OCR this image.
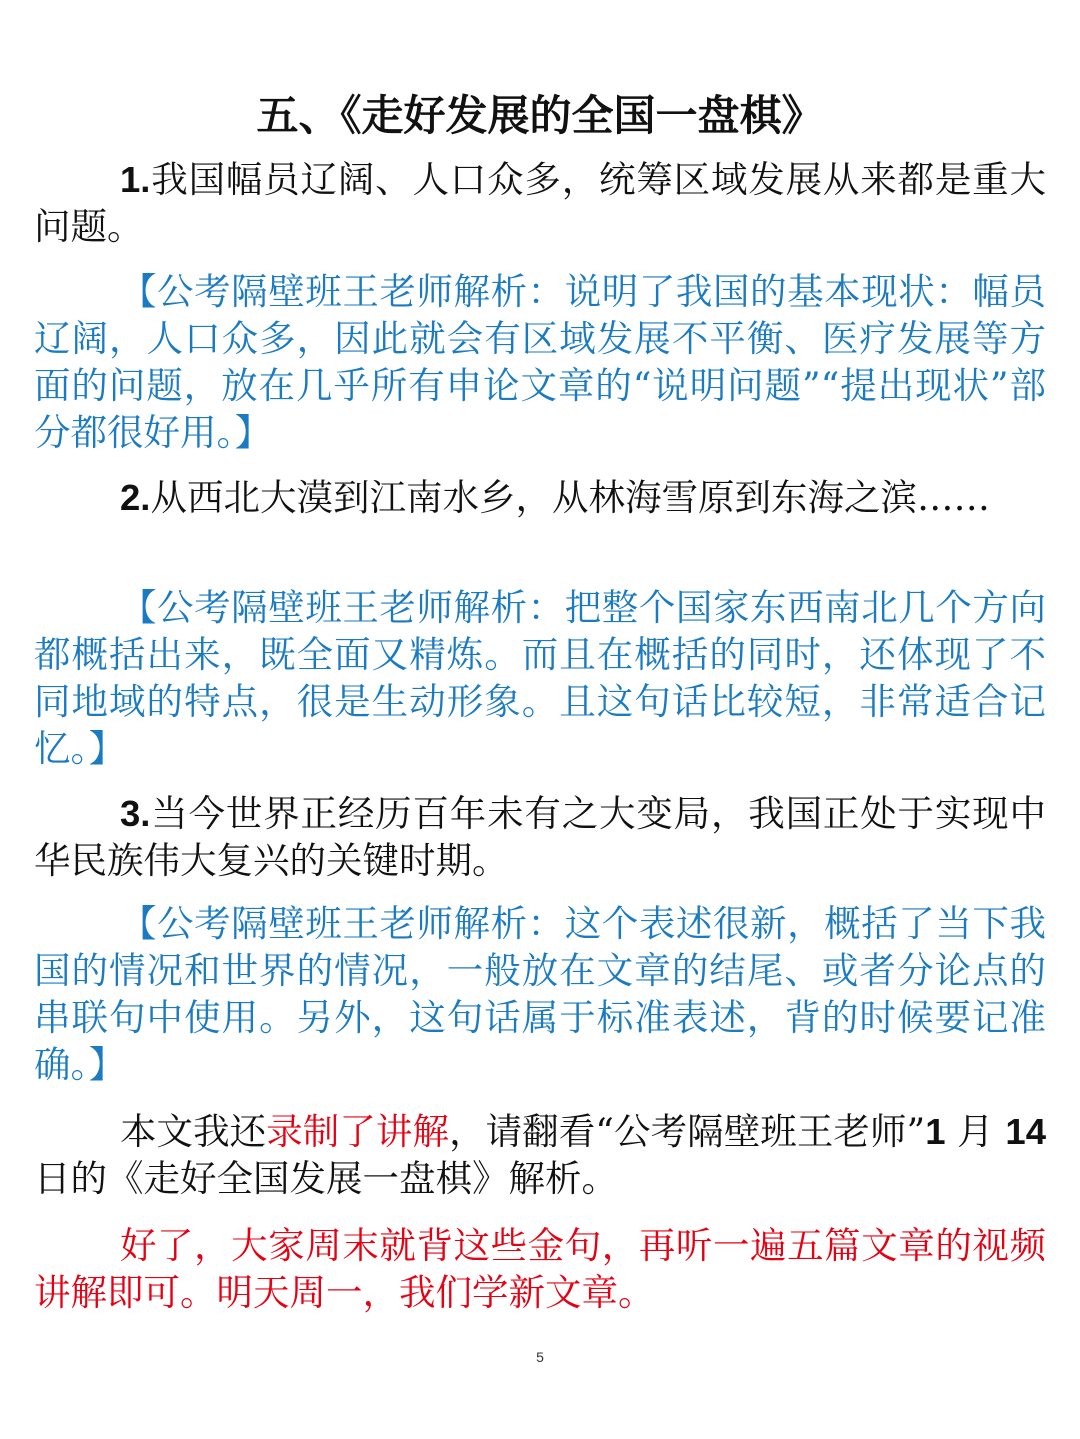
五、《走好发展的全国一盘棋》

1.我国幅员辽阔、人口众多，统筹区域发展从来都是重大问题。

【公考隔壁班王老师解析：说明了我国的基本现状：幅员辽阔，人口众多，因此就会有区域发展不平衡、医疗发展等方面的问题，放在几乎所有申论文章的“说明问题”“提出现状”部分都很好用。】

2.从西北大漠到江南水乡，从林海雪原到东海之滨……

【公考隔壁班王老师解析：把整个国家东西南北几个方向都概括出来，既全面又精炼。而且在概括的同时，还体现了不同地域的特点，很是生动形象。且这句话比较短，非常适合记忆。】

3.当今世界正经历百年未有之大变局，我国正处于实现中华民族伟大复兴的关键时期。

【公考隔壁班王老师解析：这个表述很新，概括了当下我国的情况和世界的情况，一般放在文章的结尾、或者分论点的串联句中使用。另外，这句话属于标准表述，背的时候要记准确。】

本文我还录制了讲解，请翻看“公考隔壁班王老师”1 月 14 日的《走好全国发展一盘棋》解析。

好了，大家周末就背这些金句，再听一遍五篇文章的视频讲解即可。明天周一，我们学新文章。

5
